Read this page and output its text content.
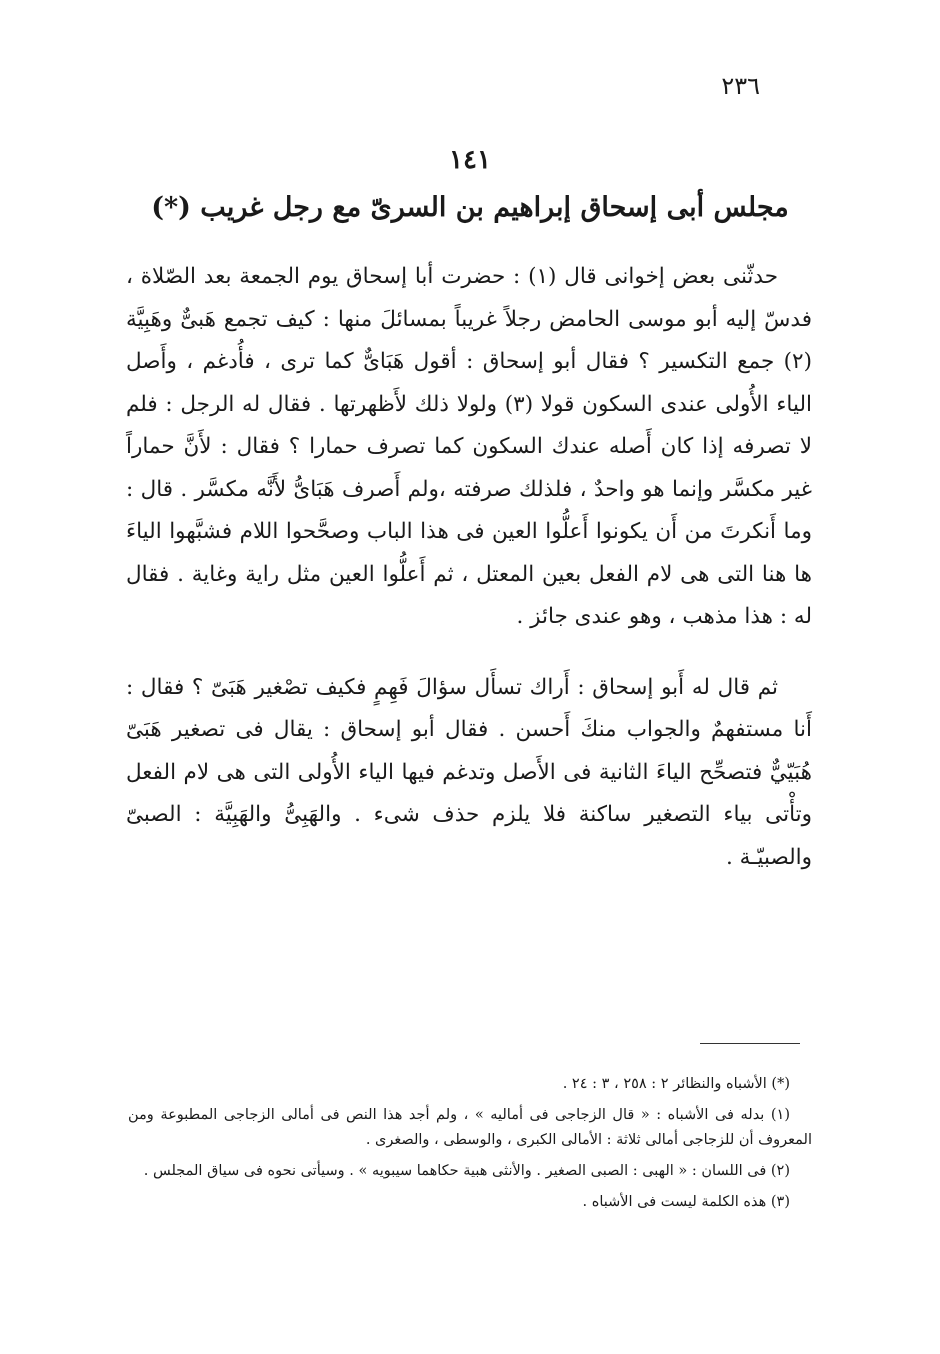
٢٣٦
١٤١
مجلس أبى إسحاق إبراهيم بن السرىّ مع رجل غريب (*)

حدثّنى بعض إخوانى قال (١) : حضرت أبا إسحاق يوم الجمعة بعد الصّلاة ، فدسّ إليه أبو موسى الحامض رجلاً غريباً بمسائلَ منها : كيف تجمع هَبىٌّ وهَبِيَّة (٢) جمع التكسير ؟ فقال أبو إسحاق : أقول هَبَاىٌّ كما ترى ، فأُدغم ، وأَصل الياء الأُولى عندى السكون قولا (٣) ولولا ذلك لأَظهرتها . فقال له الرجل : فلم لا تصرفه إذا كان أَصله عندك السكون كما تصرف حمارا ؟ فقال : لأَنَّ حماراً غير مكسَّر وإنما هو واحدٌ ، فلذلك صرفته ،ولم أَصرف هَبَاىُّ لأَنَّه مكسَّر . قال : وما أَنكرتَ من أَن يكونوا أَعلُّوا العين فى هذا الباب وصحَّحوا اللام فشبَّهوا الياءَ ها هنا التى هى لام الفعل بعين المعتل ، ثم أَعلُّوا العين مثل راية وغاية . فقال له : هذا مذهب ، وهو عندى جائز .

ثم قال له أَبو إسحاق : أَراك تسأَل سؤالَ فَهِمٍ فكيف تصْغير هَبَىّ ؟ فقال : أَنا مستفهمٌ والجواب منكَ أَحسن . فقال أبو إسحاق : يقال فى تصغير هَبَىّ هُبَيّيٌّ فتصحِّح الياءَ الثانية فى الأَصل وتدغم فيها الياء الأُولى التى هى لام الفعل وتأْتى بياء التصغير ساكنة فلا يلزم حذف شىء . والهَبِىُّ والهَبِيَّة : الصبىّ والصبيّـة .

(*) الأشباه والنظائر ٢ : ٢٥٨ ، ٣ : ٢٤ .

(١) بدله فى الأشباه : « قال الزجاجى فى أماليه » ، ولم أجد هذا النص فى أمالى الزجاجى المطبوعة ومن المعروف أن للزجاجى أمالى ثلاثة : الأمالى الكبرى ، والوسطى ، والصغرى .

(٢) فى اللسان : « الهبى : الصبى الصغير . والأنثى هبية حكاهما سيبويه » . وسيأتى نحوه فى سياق المجلس .

(٣) هذه الكلمة ليست فى الأشباه .
